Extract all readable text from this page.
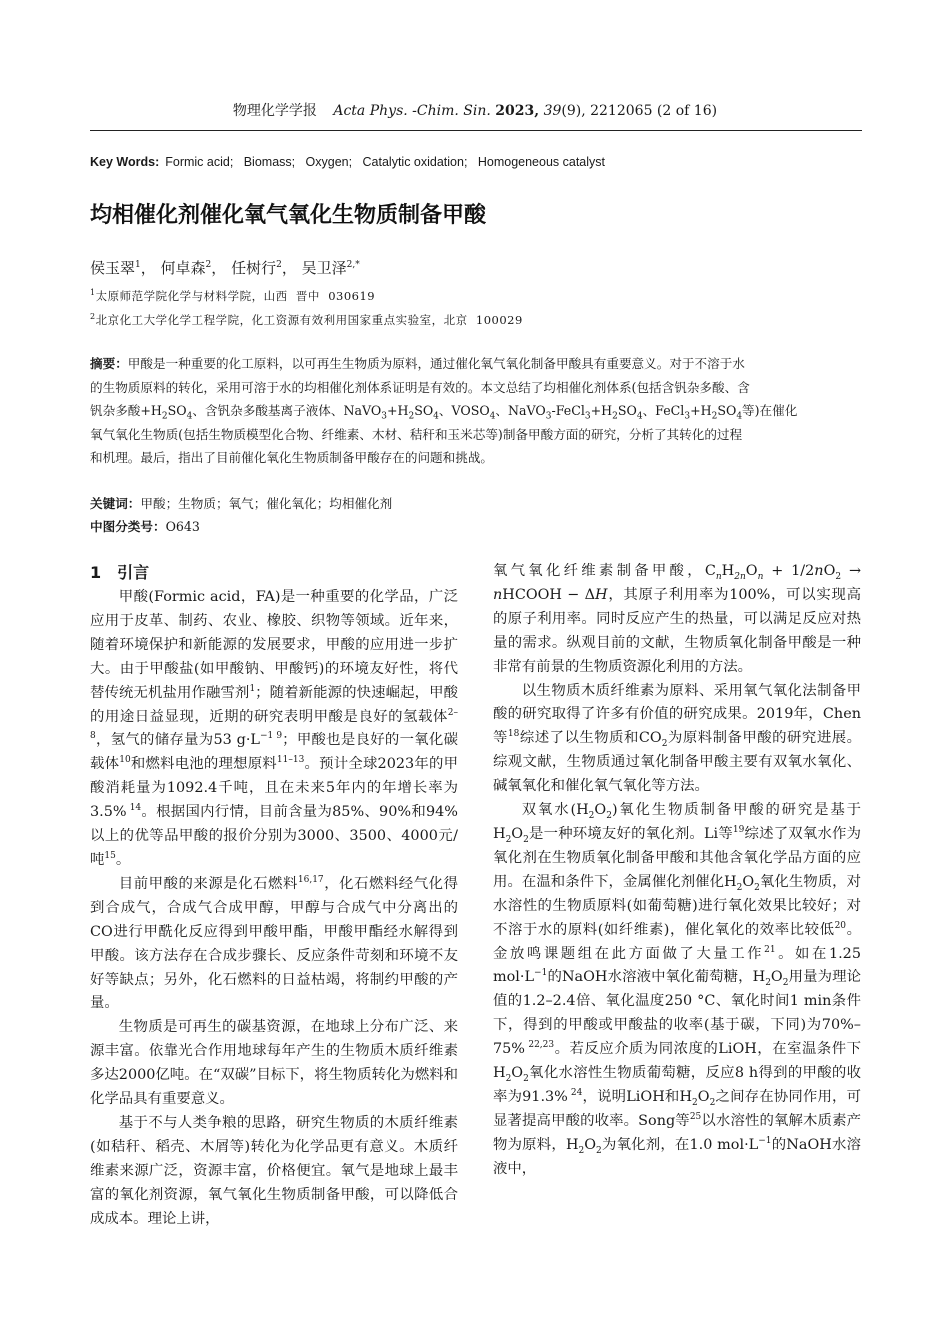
物理化学学报 Acta Phys. -Chim. Sin. 2023, 39(9), 2212065 (2 of 16)
Key Words: Formic acid;   Biomass;   Oxygen;   Catalytic oxidation;   Homogeneous catalyst
均相催化剂催化氧气氧化生物质制备甲酸
侯玉翠$^1$， 何卓森$^2$， 任树行$^2$， 吴卫泽$^{2,*}$
$^1$太原师范学院化学与材料学院，山西  晋中  030619
$^2$北京化工大学化学工程学院，化工资源有效利用国家重点实验室，北京  100029
摘要：甲酸是一种重要的化工原料，以可再生生物质为原料，通过催化氧气氧化制备甲酸具有重要意义。对于不溶于水
的生物质原料的转化，采用可溶于水的均相催化剂体系证明是有效的。本文总结了均相催化剂体系(包括含钒杂多酸、含
钒杂多酸$+H_2SO_4$、含钒杂多酸基离子液体、$NaVO_3+H_2SO_4$、$VOSO_4$、$NaVO_3-FeCl_3+H_2SO_4$、$FeCl_3+H_2SO_4$等)在催化
氧气氧化生物质(包括生物质模型化合物、纤维素、木材、秸秆和玉米芯等)制备甲酸方面的研究，分析了其转化的过程
和机理。最后，指出了目前催化氧化生物质制备甲酸存在的问题和挑战。
关键词：甲酸；生物质；氧气；催化氧化；均相催化剂
中图分类号：O643
1 引言

甲酸(Formic acid，FA)是一种重要的化学品，广泛应用于皮革、制药、农业、橡胶、织物等领域。近年来，随着环境保护和新能源的发展要求，甲酸的应用进一步扩大。由于甲酸盐(如甲酸钠、甲酸钙)的环境友好性，将代替传统无机盐用作融雪剂$^1$；随着新能源的快速崛起，甲酸的用途日益显现，近期的研究表明甲酸是良好的氢载体$^{2-8}$，氢气的储存量为53 $g\cdot L^{-1 9}$；甲酸也是良好的一氧化碳载体$^{10}$和燃料电池的理想原料$^{11-13}$。预计全球2023年的甲酸消耗量为1092.4千吨，且在未来5年内的年增长率为3.5% $^{14}$。根据国内行情，目前含量为85%、90%和94%以上的优等品甲酸的报价分别为3000、3500、4000元/吨$^{15}$。

目前甲酸的来源是化石燃料$^{16,17}$，化石燃料经气化得到合成气，合成气合成甲醇，甲醇与合成气中分离出的CO进行甲酰化反应得到甲酸甲酯，甲酸甲酯经水解得到甲酸。该方法存在合成步骤长、反应条件苛刻和环境不友好等缺点；另外，化石燃料的日益枯竭，将制约甲酸的产量。

生物质是可再生的碳基资源，在地球上分布广泛、来源丰富。依靠光合作用地球每年产生的生物质木质纤维素多达2000亿吨。在“双碳”目标下，将生物质转化为燃料和化学品具有重要意义。

基于不与人类争粮的思路，研究生物质的木质纤维素(如秸秆、稻壳、木屑等)转化为化学品更有意义。木质纤维素来源广泛，资源丰富，价格便宜。氧气是地球上最丰富的氧化剂资源，氧气氧化生物质制备甲酸，可以降低合成成本。理论上讲，

氧气氧化纤维素制备甲酸，$C_nH_{2n}O_n + 1/2nO_2$ → nHCOOH − ΔH，其原子利用率为100%，可以实现高的原子利用率。同时反应产生的热量，可以满足反应对热量的需求。纵观目前的文献，生物质氧化制备甲酸是一种非常有前景的生物质资源化利用的方法。

以生物质木质纤维素为原料、采用氧气氧化法制备甲酸的研究取得了许多有价值的研究成果。2019年，Chen等$^{18}$综述了以生物质和$CO_2$为原料制备甲酸的研究进展。综观文献，生物质通过氧化制备甲酸主要有双氧水氧化、碱氧氧化和催化氧气氧化等方法。

双氧水$(H_2O_2)$氧化生物质制备甲酸的研究是基于$H_2O_2$是一种环境友好的氧化剂。Li等$^{19}$综述了双氧水作为氧化剂在生物质氧化制备甲酸和其他含氧化学品方面的应用。在温和条件下，金属催化剂催化$H_2O_2$氧化生物质，对水溶性的生物质原料(如葡萄糖)进行氧化效果比较好；对不溶于水的原料(如纤维素)，催化氧化的效率比较低$^{20}$。金放鸣课题组在此方面做了大量工作$^{21}$。如在1.25 $mol\cdot L^{-1}$的NaOH水溶液中氧化葡萄糖，$H_2O_2$用量为理论值的1.2–2.4倍、氧化温度250 °C、氧化时间1 min条件下，得到的甲酸或甲酸盐的收率(基于碳，下同)为70%–75% $^{22,23}$。若反应介质为同浓度的LiOH，在室温条件下$H_2O_2$氧化水溶性生物质葡萄糖，反应8 h得到的甲酸的收率为91.3% $^{24}$，说明LiOH和$H_2O_2$之间存在协同作用，可显著提高甲酸的收率。Song等$^{25}$以水溶性的氧解木质素产物为原料，$H_2O_2$为氧化剂，在1.0 $mol\cdot L^{-1}$的NaOH水溶液中，
